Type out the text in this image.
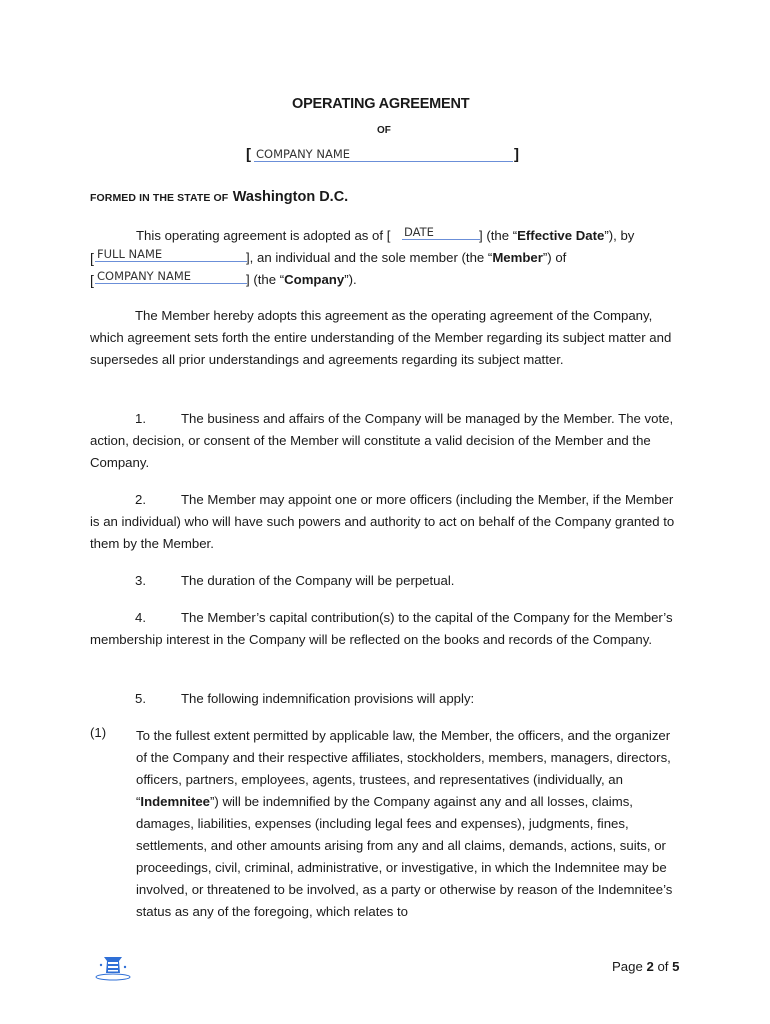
OPERATING AGREEMENT
OF
[ COMPANY NAME	]
FORMED IN THE STATE OF Washington D.C.
This operating agreement is adopted as of [ DATE	] (the “Effective Date”), by
[ FULL NAME	], an individual and the sole member (the “Member”) of
[ COMPANY NAME	] (the “Company”).
The Member hereby adopts this agreement as the operating agreement of the Company, which agreement sets forth the entire understanding of the Member regarding its subject matter and supersedes all prior understandings and agreements regarding its subject matter.
1.	The business and affairs of the Company will be managed by the Member. The vote, action, decision, or consent of the Member will constitute a valid decision of the Member and the Company.
2.	The Member may appoint one or more officers (including the Member, if the Member is an individual) who will have such powers and authority to act on behalf of the Company granted to them by the Member.
3.	The duration of the Company will be perpetual.
4.	The Member’s capital contribution(s) to the capital of the Company for the Member’s membership interest in the Company will be reflected on the books and records of the Company.
5.	The following indemnification provisions will apply:
(1) To the fullest extent permitted by applicable law, the Member, the officers, and the organizer of the Company and their respective affiliates, stockholders, members, managers, directors, officers, partners, employees, agents, trustees, and representatives (individually, an “Indemnitee”) will be indemnified by the Company against any and all losses, claims, damages, liabilities, expenses (including legal fees and expenses), judgments, fines, settlements, and other amounts arising from any and all claims, demands, actions, suits, or proceedings, civil, criminal, administrative, or investigative, in which the Indemnitee may be involved, or threatened to be involved, as a party or otherwise by reason of the Indemnitee’s status as any of the foregoing, which relates to
Page 2 of 5
